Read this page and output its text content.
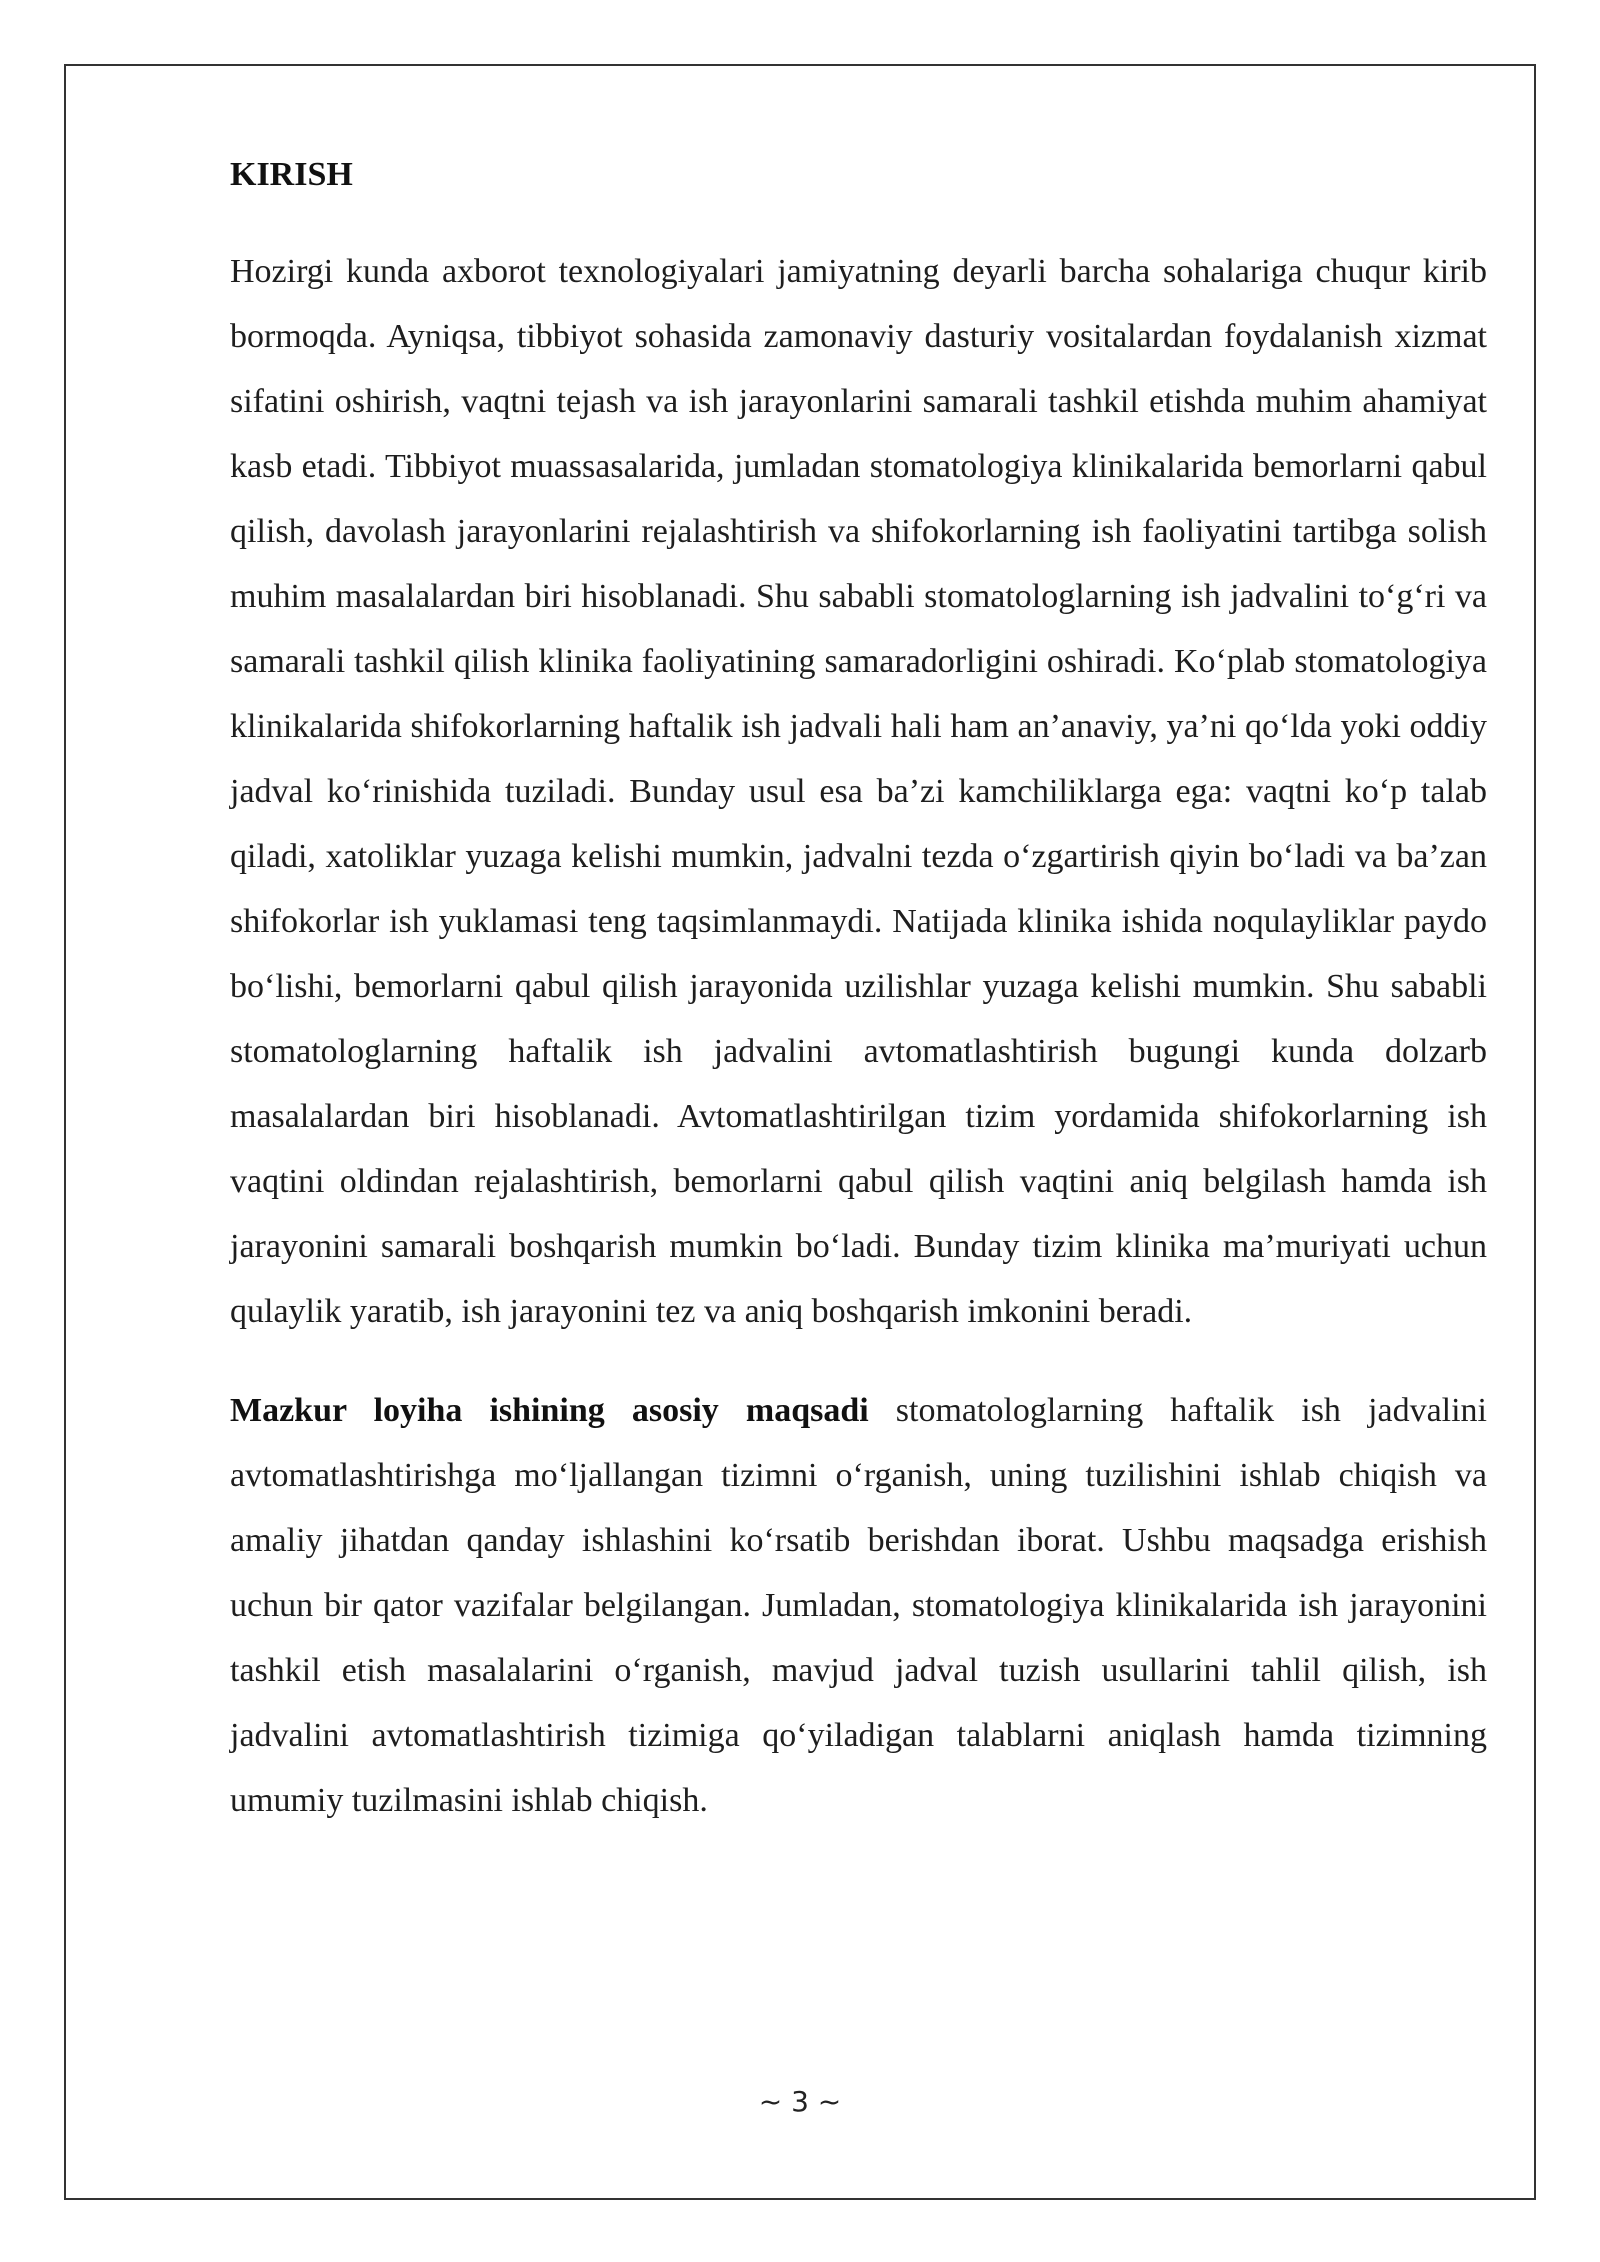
KIRISH

Hozirgi kunda axborot texnologiyalari jamiyatning deyarli barcha sohalariga chuqur kirib bormoqda. Ayniqsa, tibbiyot sohasida zamonaviy dasturiy vositalardan foydalanish xizmat sifatini oshirish, vaqtni tejash va ish jarayonlarini samarali tashkil etishda muhim ahamiyat kasb etadi. Tibbiyot muassasalarida, jumladan stomatologiya klinikalarida bemorlarni qabul qilish, davolash jarayonlarini rejalashtirish va shifokorlarning ish faoliyatini tartibga solish muhim masalalardan biri hisoblanadi. Shu sababli stomatologlarning ish jadvalini to‘g‘ri va samarali tashkil qilish klinika faoliyatining samaradorligini oshiradi. Ko‘plab stomatologiya klinikalarida shifokorlarning haftalik ish jadvali hali ham an’anaviy, ya’ni qo‘lda yoki oddiy jadval ko‘rinishida tuziladi. Bunday usul esa ba’zi kamchiliklarga ega: vaqtni ko‘p talab qiladi, xatoliklar yuzaga kelishi mumkin, jadvalni tezda o‘zgartirish qiyin bo‘ladi va ba’zan shifokorlar ish yuklamasi teng taqsimlanmaydi. Natijada klinika ishida noqulayliklar paydo bo‘lishi, bemorlarni qabul qilish jarayonida uzilishlar yuzaga kelishi mumkin. Shu sababli stomatologlarning haftalik ish jadvalini avtomatlashtirish bugungi kunda dolzarb masalalardan biri hisoblanadi. Avtomatlashtirilgan tizim yordamida shifokorlarning ish vaqtini oldindan rejalashtirish, bemorlarni qabul qilish vaqtini aniq belgilash hamda ish jarayonini samarali boshqarish mumkin bo‘ladi. Bunday tizim klinika ma’muriyati uchun qulaylik yaratib, ish jarayonini tez va aniq boshqarish imkonini beradi.

Mazkur loyiha ishining asosiy maqsadi stomatologlarning haftalik ish jadvalini avtomatlashtirishga mo‘ljallangan tizimni o‘rganish, uning tuzilishini ishlab chiqish va amaliy jihatdan qanday ishlashini ko‘rsatib berishdan iborat. Ushbu maqsadga erishish uchun bir qator vazifalar belgilangan. Jumladan, stomatologiya klinikalarida ish jarayonini tashkil etish masalalarini o‘rganish, mavjud jadval tuzish usullarini tahlil qilish, ish jadvalini avtomatlashtirish tizimiga qo‘yiladigan talablarni aniqlash hamda tizimning umumiy tuzilmasini ishlab chiqish.

~ 3 ~
